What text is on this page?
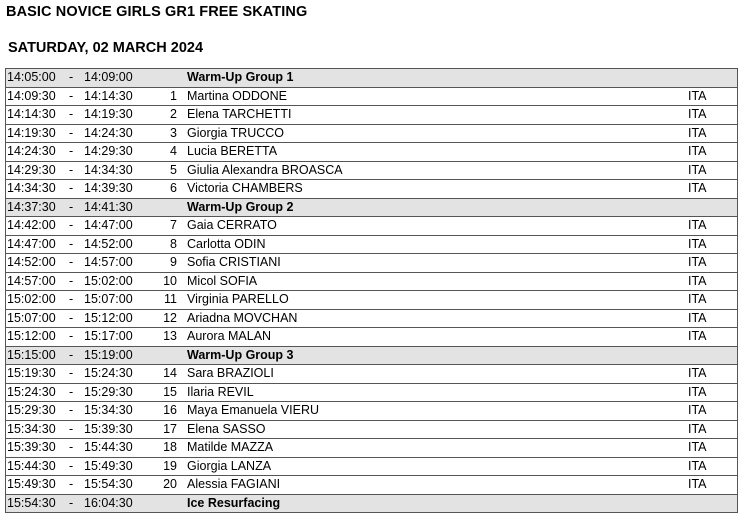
BASIC NOVICE GIRLS GR1 FREE SKATING
SATURDAY, 02 MARCH 2024
14:05:00 - 14:09:00	Warm-Up Group 1
14:09:30 - 14:14:30	1 Martina ODDONE	ITA
14:14:30 - 14:19:30	2 Elena TARCHETTI	ITA
14:19:30 - 14:24:30	3 Giorgia TRUCCO	ITA
14:24:30 - 14:29:30	4 Lucia BERETTA	ITA
14:29:30 - 14:34:30	5 Giulia Alexandra BROASCA	ITA
14:34:30 - 14:39:30	6 Victoria CHAMBERS	ITA
14:37:30 - 14:41:30	Warm-Up Group 2
14:42:00 - 14:47:00	7 Gaia CERRATO	ITA
14:47:00 - 14:52:00	8 Carlotta ODIN	ITA
14:52:00 - 14:57:00	9 Sofia CRISTIANI	ITA
14:57:00 - 15:02:00	10 Micol SOFIA	ITA
15:02:00 - 15:07:00	11 Virginia PARELLO	ITA
15:07:00 - 15:12:00	12 Ariadna MOVCHAN	ITA
15:12:00 - 15:17:00	13 Aurora MALAN	ITA
15:15:00 - 15:19:00	Warm-Up Group 3
15:19:30 - 15:24:30	14 Sara BRAZIOLI	ITA
15:24:30 - 15:29:30	15 Ilaria REVIL	ITA
15:29:30 - 15:34:30	16 Maya Emanuela VIERU	ITA
15:34:30 - 15:39:30	17 Elena SASSO	ITA
15:39:30 - 15:44:30	18 Matilde MAZZA	ITA
15:44:30 - 15:49:30	19 Giorgia LANZA	ITA
15:49:30 - 15:54:30	20 Alessia FAGIANI	ITA
15:54:30 - 16:04:30	Ice Resurfacing
